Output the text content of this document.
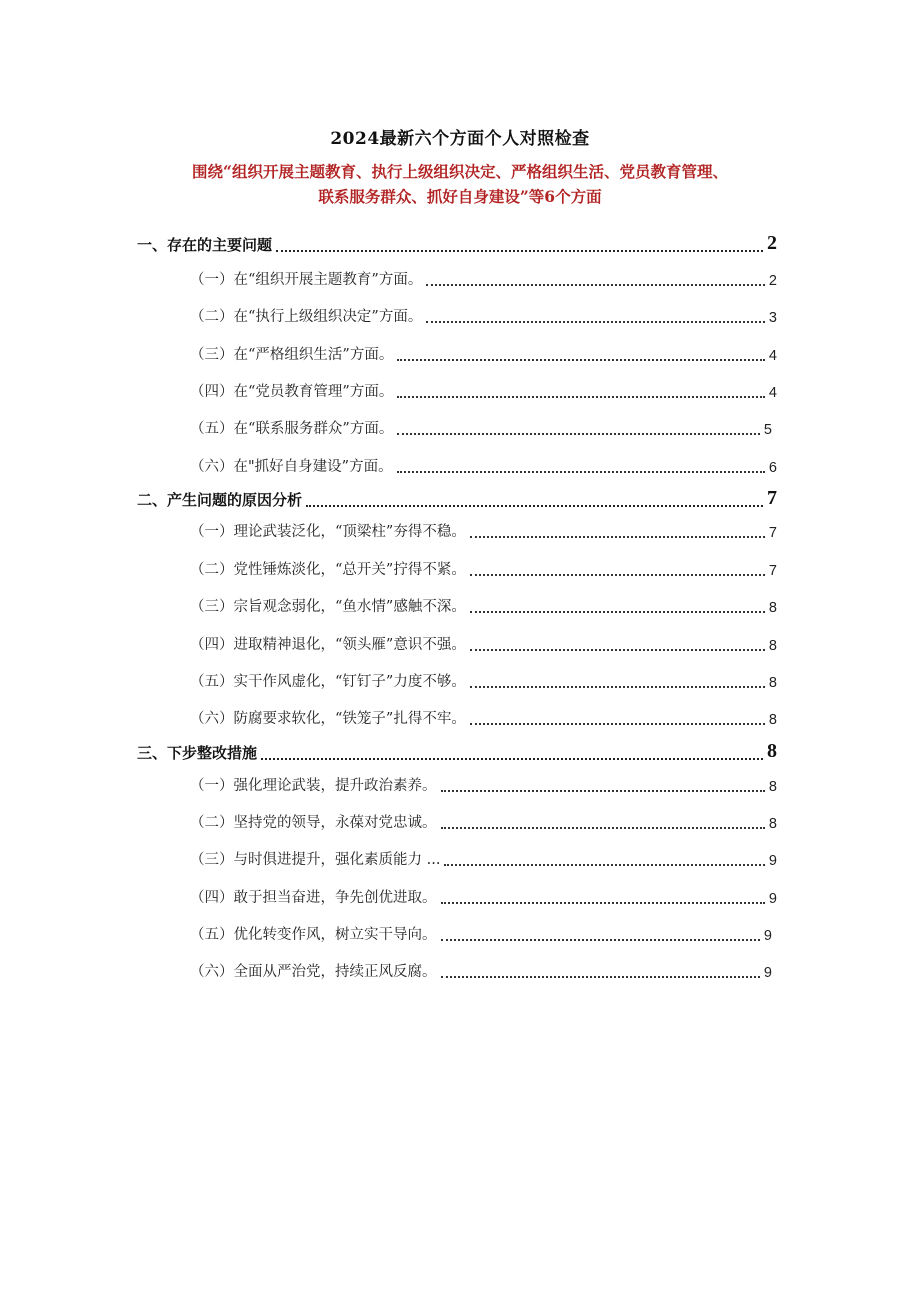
2024最新六个方面个人对照检查
围绕“组织开展主题教育、执行上级组织决定、严格组织生活、党员教育管理、
联系服务群众、抓好自身建设”等6个方面
一、存在的主要问题	2
（一）在“组织开展主题教育”方面。	2
（二）在“执行上级组织决定”方面。	3
（三）在“严格组织生活”方面。	4
（四）在“党员教育管理”方面。	4
（五）在“联系服务群众”方面。	5
（六）在"抓好自身建设”方面。	6
二、产生问题的原因分析	7
（一）理论武装泛化，“顶梁柱”夯得不稳。	7
（二）党性锤炼淡化，“总开关”拧得不紧。	7
（三）宗旨观念弱化，“鱼水情”感触不深。	8
（四）进取精神退化，“领头雁”意识不强。	8
（五）实干作风虚化，“钉钉子”力度不够。	8
（六）防腐要求软化，“铁笼子”扎得不牢。	8
三、下步整改措施	8
（一）强化理论武装，提升政治素养。	8
（二）坚持党的领导，永葆对党忠诚。	8
（三）与时俱进提升，强化素质能力 ...	9
（四）敢于担当奋进，争先创优进取。	9
（五）优化转变作风，树立实干导向。	9
（六）全面从严治党，持续正风反腐。	9
